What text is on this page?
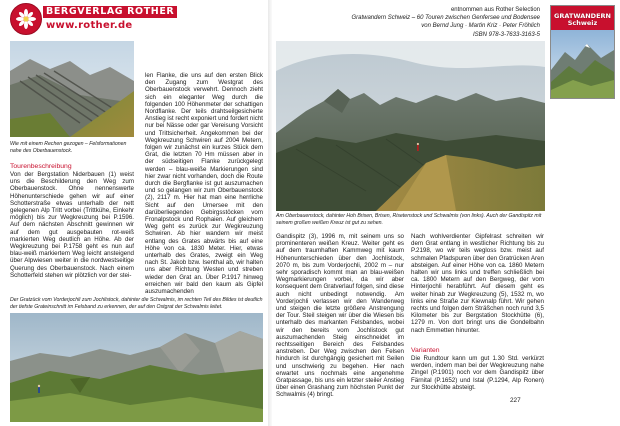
BERGVERLAG ROTHER
www.rother.de
entnommen aus Rother Selection
Gratwandern Schweiz – 60 Touren zwischen Genfersee und Bodensee
von Bernd Jung · Martin Kriz · Peter Fröhlich
ISBN 978-3-7633-3163-5
GRATWANDERN
Schweiz
Wie mit einem Rechen gezogen – Felsformationen nahe des Oberbauenstock.
Tourenbeschreibung

Von der Bergstation Niderbauen (1) weist uns die Beschilderung den Weg zum Oberbauenstock. Ohne nennenswerte Höhenunterschiede gehen wir auf einer Schotterstraße etwas unterhalb der nett gelegenen Alp Tritt vorbei (Trittkühe, Einkehr möglich) bis zur Wegkreuzung bei P.1596. Auf dem nächsten Abschnitt gewinnen wir auf dem gut ausgebauten rot-weiß markierten Weg deutlich an Höhe. Ab der Wegkreuzung bei P.1758 geht es nun auf blau-weiß markiertem Weg leicht ansteigend über Alpwiesen weiter in die nordwestseitige Querung des Oberbauenstock. Nach einem Schotterfeld stehen wir plötzlich vor der stei-

len Flanke, die uns auf den ersten Blick den Zugang zum Westgrat des Oberbauenstock verwehrt. Dennoch zieht sich ein eleganter Weg durch die folgenden 100 Höhenmeter der schattigen Nordflanke. Der teils drahtseilgesicherte Anstieg ist recht exponiert und fordert nicht nur bei Nässe oder gar Vereisung Vorsicht und Trittsicherheit. Angekommen bei der Wegkreuzung Schwiren auf 2004 Metern, folgen wir zunächst ein kurzes Stück dem Grat, die letzten 70 Hm müssen aber in der südseitigen Flanke zurückgelegt werden – blau-weiße Markierungen sind hier zwar nicht vorhanden, doch die Route durch die Bergflanke ist gut auszumachen und so gelangen wir zum Oberbauenstock (2), 2117 m. Hier hat man eine herrliche Sicht auf den Urnersee mit den darüberliegenden Gebirgsstöcken vom Fronalpstock und Rophaien. Auf gleichem Weg geht es zurück zur Wegkreuzung Schwiren. Ab hier wandern wir meist entlang des Grates abwärts bis auf eine Höhe von ca. 1830 Meter. Hier, etwas unterhalb des Grates, zweigt ein Weg nach St. Jakob bzw. Isenthal ab, wir halten uns aber Richtung Westen und streben wieder den Grat an. Über P.1917 hinweg erreichen wir bald den kaum als Gipfel auszumachenden

Der Gratzück vom Vorderjochli zum Jochlistock, dahinter die Schwalmis, im rechten Teil des Bildes ist deutlich der tiefste Grateinschnitt im Felsband zu erkennen, der auf den Ostgrat der Schwalmis leitet.
Am Oberbauenstock, dahinter Hoh Brisen, Brisen, Risetenstock und Schwalmis (von links). Auch der Gandispitz mit seinem großen weißen Kreuz ist gut zu sehen.

Gandispitz (3), 1996 m, mit seinem uns so prominenteren weißen Kreuz. Weiter geht es auf dem traumhaften Kammweg mit kaum Höhenunterschieden über den Jochlistock, 2070 m, bis zum Vorderjochli, 2002 m – nur sehr sporadisch kommt man an blau-weißen Wegmarkierungen vorbei, da wir aber konsequent dem Gratverlauf folgen, sind diese auch nicht unbedingt notwendig. Am Vorderjochli verlassen wir den Wanderweg und steigen die letzte größere Anstrengung der Tour. Steil steigen wir über die Wiesen bis unterhalb des markanten Felsbandes, wobei wir den bereits vom Jochlistock gut auszumachenden Steig einschneidet im rechtsseitigen Bereich des Felsbandes anstreben. Der Weg zwischen den Felsen hindurch ist durchgängig gesichert mit Seilen und unschwierig zu begehen. Hier nach erwartet uns nochmals eine angenehme Gratpassage, bis uns ein letzter steiler Anstieg über einen Grashang zum höchsten Punkt der Schwalmis (4) bringt.

Nach wohlverdienter Gipfelrast schreiten wir dem Grat entlang in westlicher Richtung bis zu P.2198, wo wir teils wegloss bzw. meist auf schmalen Pfadspuren über den Gratrücken Aren absteigen. Auf einer Höhe von ca. 1860 Metern halten wir uns links und treffen schließlich bei ca. 1800 Metern auf den Bergweg, der vom Hinterjochli herabführt. Auf diesem geht es weiter hinab zur Wegkreuzung (5), 1532 m, wo links eine Straße zur Kiewnalp führt. Wir gehen rechts und folgen dem Sträßchen noch rund 3,5 Kilometer bis zur Bergstation Stockhütte (6), 1279 m. Von dort bringt uns die Gondelbahn nach Emmetten hinunter.

Varianten

Die Rundtour kann um gut 1.30 Std. verkürzt werden, indem man bei der Wegkreuzung nahe Zingel (P.1901) noch vor dem Gandispitz über Färnital (P.1652) und Istal (P.1294, Alp Ronen) zur Stockhütte absteigt.

227
